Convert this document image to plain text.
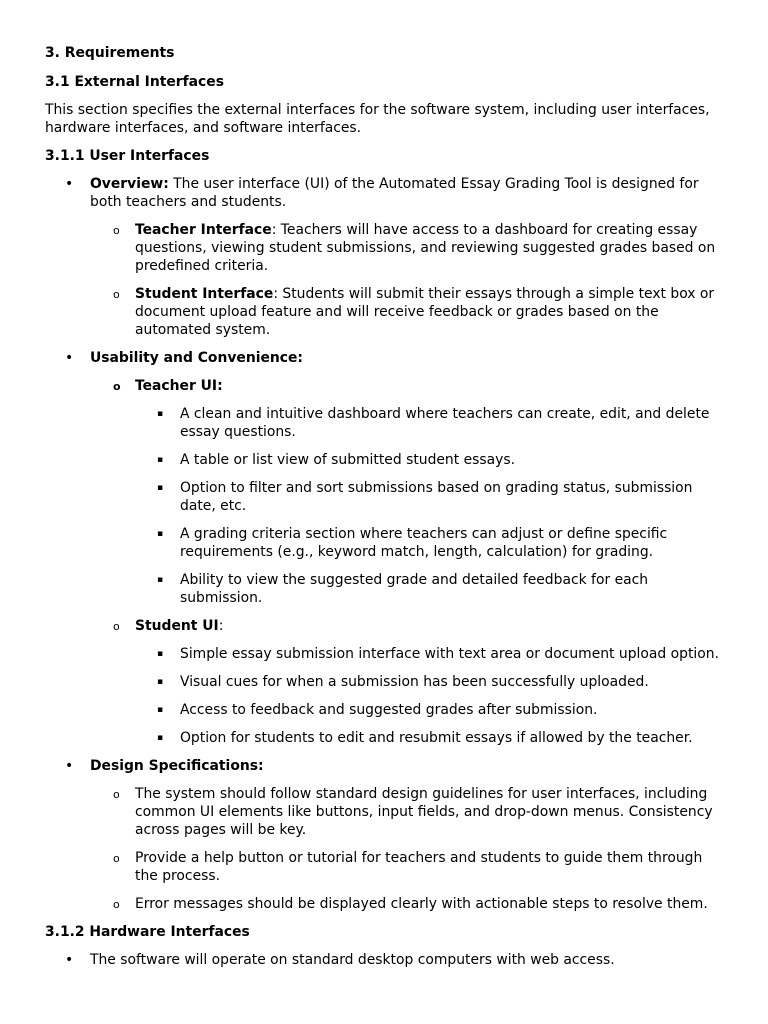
3. Requirements

3.1 External Interfaces

This section specifies the external interfaces for the software system, including user interfaces, hardware interfaces, and software interfaces.

3.1.1 User Interfaces

• Overview: The user interface (UI) of the Automated Essay Grading Tool is designed for both teachers and students.
o Teacher Interface: Teachers will have access to a dashboard for creating essay questions, viewing student submissions, and reviewing suggested grades based on predefined criteria.
o Student Interface: Students will submit their essays through a simple text box or document upload feature and will receive feedback or grades based on the automated system.
• Usability and Convenience:
o Teacher UI:
▪ A clean and intuitive dashboard where teachers can create, edit, and delete essay questions.
▪ A table or list view of submitted student essays.
▪ Option to filter and sort submissions based on grading status, submission date, etc.
▪ A grading criteria section where teachers can adjust or define specific requirements (e.g., keyword match, length, calculation) for grading.
▪ Ability to view the suggested grade and detailed feedback for each submission.
o Student UI:
▪ Simple essay submission interface with text area or document upload option.
▪ Visual cues for when a submission has been successfully uploaded.
▪ Access to feedback and suggested grades after submission.
▪ Option for students to edit and resubmit essays if allowed by the teacher.
• Design Specifications:
o The system should follow standard design guidelines for user interfaces, including common UI elements like buttons, input fields, and drop-down menus. Consistency across pages will be key.
o Provide a help button or tutorial for teachers and students to guide them through the process.
o Error messages should be displayed clearly with actionable steps to resolve them.

3.1.2 Hardware Interfaces

• The software will operate on standard desktop computers with web access.
